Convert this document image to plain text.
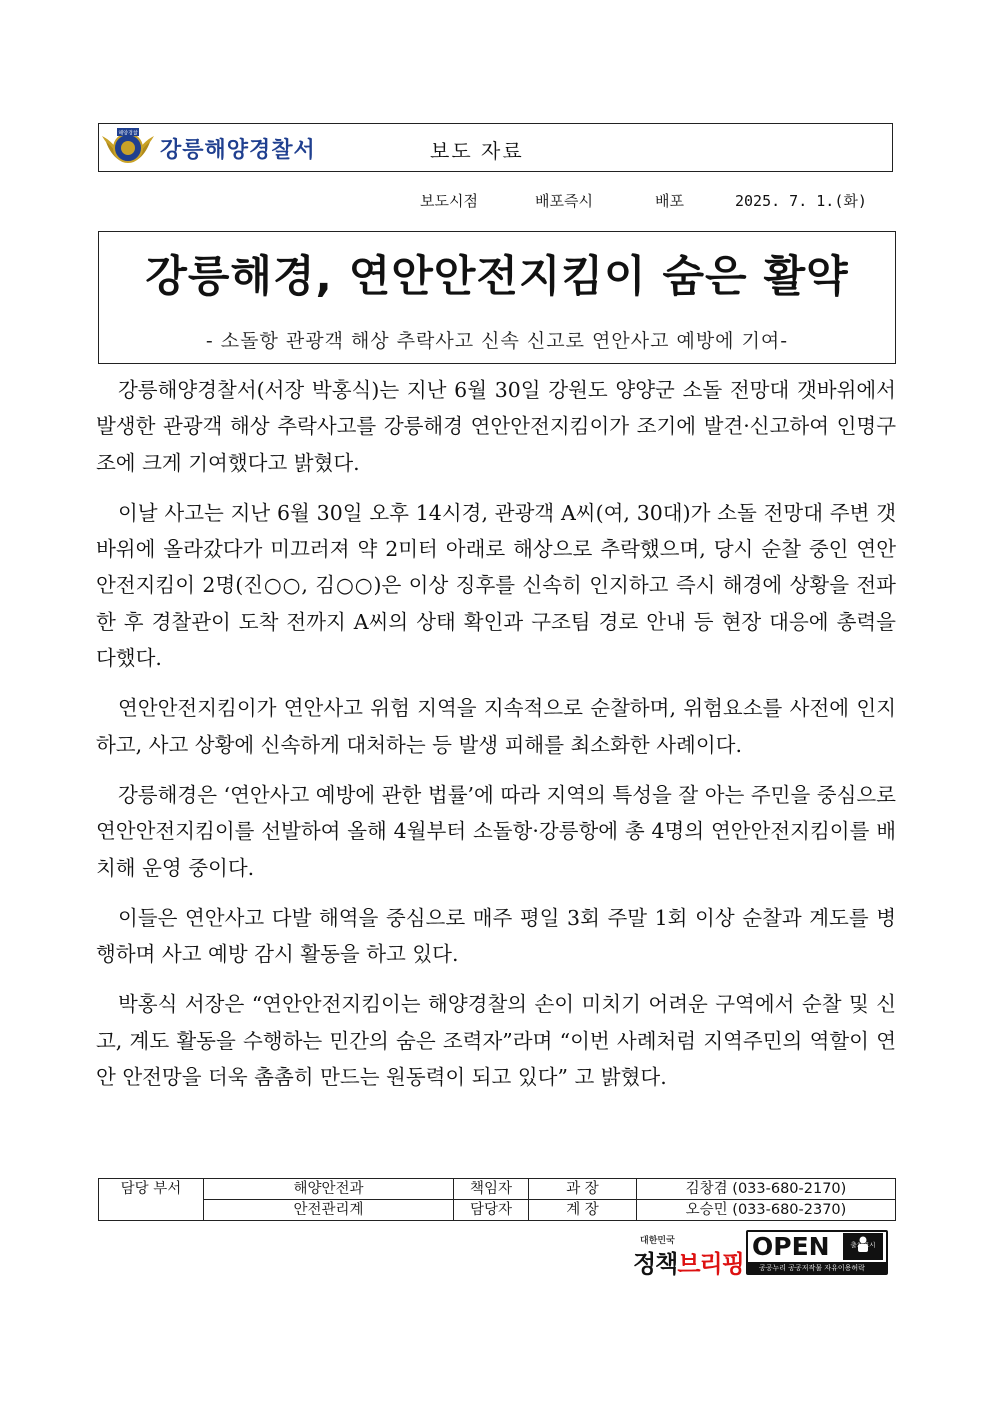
해양경찰
강릉해양경찰서	보도 자료
보도시점	배포즉시	배포	2025. 7. 1.(화)
강릉해경, 연안안전지킴이 숨은 활약
- 소돌항 관광객 해상 추락사고 신속 신고로 연안사고 예방에 기여-

강릉해양경찰서(서장 박홍식)는 지난 6월 30일 강원도 양양군 소돌 전망대 갯바위에서 발생한 관광객 해상 추락사고를 강릉해경 연안안전지킴이가 조기에 발견·신고하여 인명구조에 크게 기여했다고 밝혔다.

이날 사고는 지난 6월 30일 오후 14시경, 관광객 A씨(여, 30대)가 소돌 전망대 주변 갯바위에 올라갔다가 미끄러져 약 2미터 아래로 해상으로 추락했으며, 당시 순찰 중인 연안안전지킴이 2명(진○○, 김○○)은 이상 징후를 신속히 인지하고 즉시 해경에 상황을 전파한 후 경찰관이 도착 전까지 A씨의 상태 확인과 구조팀 경로 안내 등 현장 대응에 총력을 다했다.

연안안전지킴이가 연안사고 위험 지역을 지속적으로 순찰하며, 위험요소를 사전에 인지하고, 사고 상황에 신속하게 대처하는 등 발생 피해를 최소화한 사례이다.

강릉해경은 ‘연안사고 예방에 관한 법률’에 따라 지역의 특성을 잘 아는 주민을 중심으로 연안안전지킴이를 선발하여 올해 4월부터 소돌항·강릉항에 총 4명의 연안안전지킴이를 배치해 운영 중이다.

이들은 연안사고 다발 해역을 중심으로 매주 평일 3회 주말 1회 이상 순찰과 계도를 병행하며 사고 예방 감시 활동을 하고 있다.

박홍식 서장은 “연안안전지킴이는 해양경찰의 손이 미치기 어려운 구역에서 순찰 및 신고, 계도 활동을 수행하는 민간의 숨은 조력자”라며 “이번 사례처럼 지역주민의 역할이 연안 안전망을 더욱 촘촘히 만드는 원동력이 되고 있다” 고 밝혔다.

담당 부서	해양안전과	책임자	과 장	김창겸 (033-680-2170)
	안전관리계	담당자	계 장	오승민 (033-680-2370)
대한민국
정책브리핑
OPEN
공공누리 공공저작물 자유이용허락
출처표시
